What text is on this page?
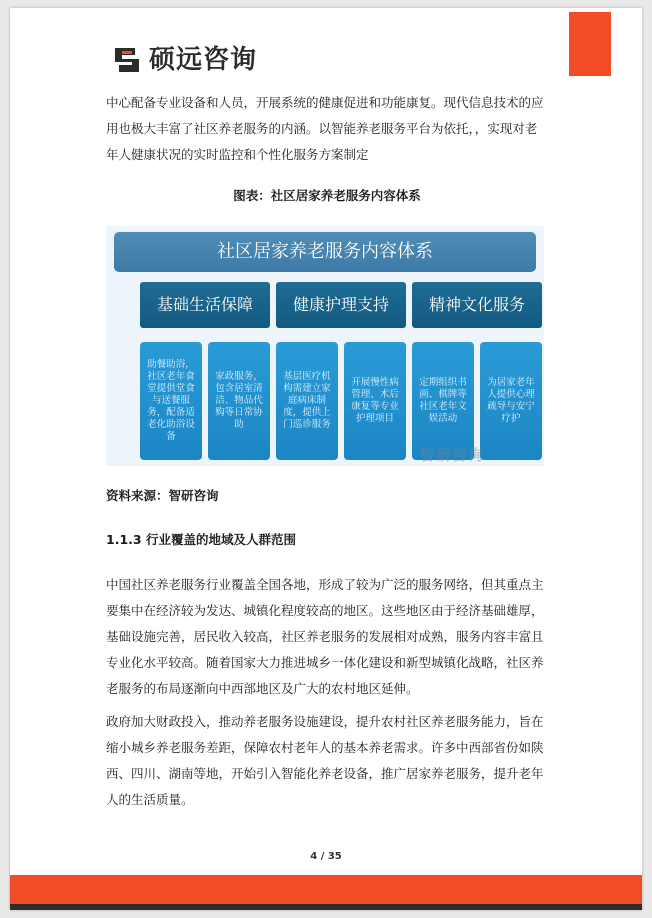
硕远咨询

中心配备专业设备和人员，开展系统的健康促进和功能康复。现代信息技术的应用也极大丰富了社区养老服务的内涵。以智能养老服务平台为依托，，实现对老年人健康状况的实时监控和个性化服务方案制定

图表：社区居家养老服务内容体系
社区居家养老服务内容体系
基础生活保障	健康护理支持	精神文化服务
助餐助浴，社区老年食堂提供堂食与送餐服务，配备适老化助浴设备
家政服务，包含居室清洁、物品代购等日常协助
基层医疗机构需建立家庭病床制度，提供上门巡诊服务
开展慢性病管理、术后康复等专业护理项目
定期组织书画、棋牌等社区老年文娱活动
为居家老年人提供心理疏导与安宁疗护
智研咨询
资料来源：智研咨询
1.1.3 行业覆盖的地域及人群范围

中国社区养老服务行业覆盖全国各地，形成了较为广泛的服务网络，但其重点主要集中在经济较为发达、城镇化程度较高的地区。这些地区由于经济基础雄厚，基础设施完善，居民收入较高，社区养老服务的发展相对成熟，服务内容丰富且专业化水平较高。随着国家大力推进城乡一体化建设和新型城镇化战略，社区养老服务的布局逐渐向中西部地区及广大的农村地区延伸。

政府加大财政投入，推动养老服务设施建设，提升农村社区养老服务能力，旨在缩小城乡养老服务差距，保障农村老年人的基本养老需求。许多中西部省份如陕西、四川、湖南等地，开始引入智能化养老设备，推广居家养老服务，提升老年人的生活质量。

4 / 35
